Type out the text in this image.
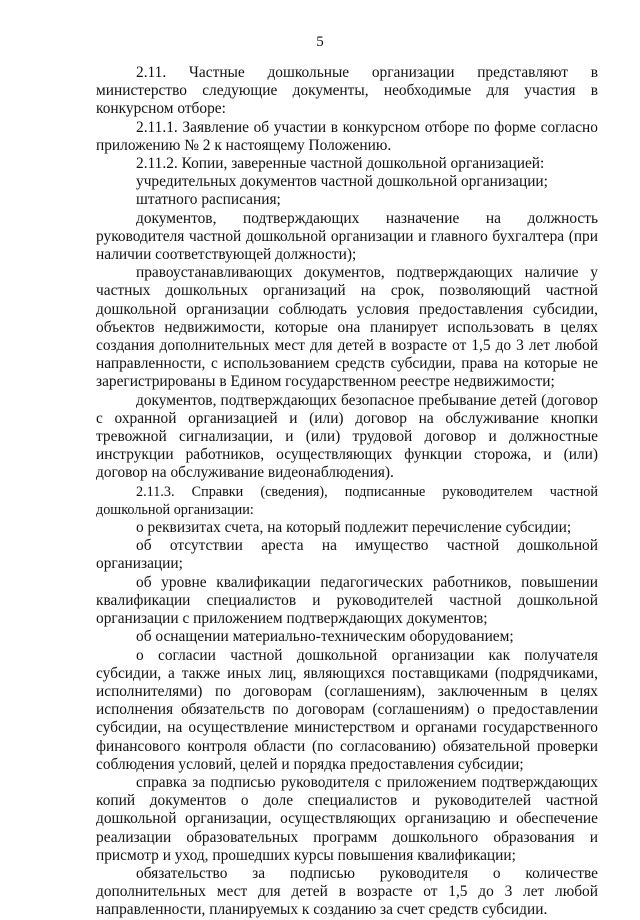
5

2.11. Частные дошкольные организации представляют в министерство следующие документы, необходимые для участия в конкурсном отборе:

2.11.1. Заявление об участии в конкурсном отборе по форме согласно приложению № 2 к настоящему Положению.

2.11.2. Копии, заверенные частной дошкольной организацией:

учредительных документов частной дошкольной организации;

штатного расписания;

документов, подтверждающих назначение на должность руководителя частной дошкольной организации и главного бухгалтера (при наличии соответствующей должности);

правоустанавливающих документов, подтверждающих наличие у частных дошкольных организаций на срок, позволяющий частной дошкольной организации соблюдать условия предоставления субсидии, объектов недвижимости, которые она планирует использовать в целях создания дополнительных мест для детей в возрасте от 1,5 до 3 лет любой направленности, с использованием средств субсидии, права на которые не зарегистрированы в Едином государственном реестре недвижимости;

документов, подтверждающих безопасное пребывание детей (договор с охранной организацией и (или) договор на обслуживание кнопки тревожной сигнализации, и (или) трудовой договор и должностные инструкции работников, осуществляющих функции сторожа, и (или) договор на обслуживание видеонаблюдения).

2.11.3. Справки (сведения), подписанные руководителем частной дошкольной организации:

о реквизитах счета, на который подлежит перечисление субсидии;

об отсутствии ареста на имущество частной дошкольной организации;

об уровне квалификации педагогических работников, повышении квалификации специалистов и руководителей частной дошкольной организации с приложением подтверждающих документов;

об оснащении материально-техническим оборудованием;

о согласии частной дошкольной организации как получателя субсидии, а также иных лиц, являющихся поставщиками (подрядчиками, исполнителями) по договорам (соглашениям), заключенным в целях исполнения обязательств по договорам (соглашениям) о предоставлении субсидии, на осуществление министерством и органами государственного финансового контроля области (по согласованию) обязательной проверки соблюдения условий, целей и порядка предоставления субсидии;

справка за подписью руководителя с приложением подтверждающих копий документов о доле специалистов и руководителей частной дошкольной организации, осуществляющих организацию и обеспечение реализации образовательных программ дошкольного образования и присмотр и уход, прошедших курсы повышения квалификации;

обязательство за подписью руководителя о количестве дополнительных мест для детей в возрасте от 1,5 до 3 лет любой направленности, планируемых к созданию за счет средств субсидии.
